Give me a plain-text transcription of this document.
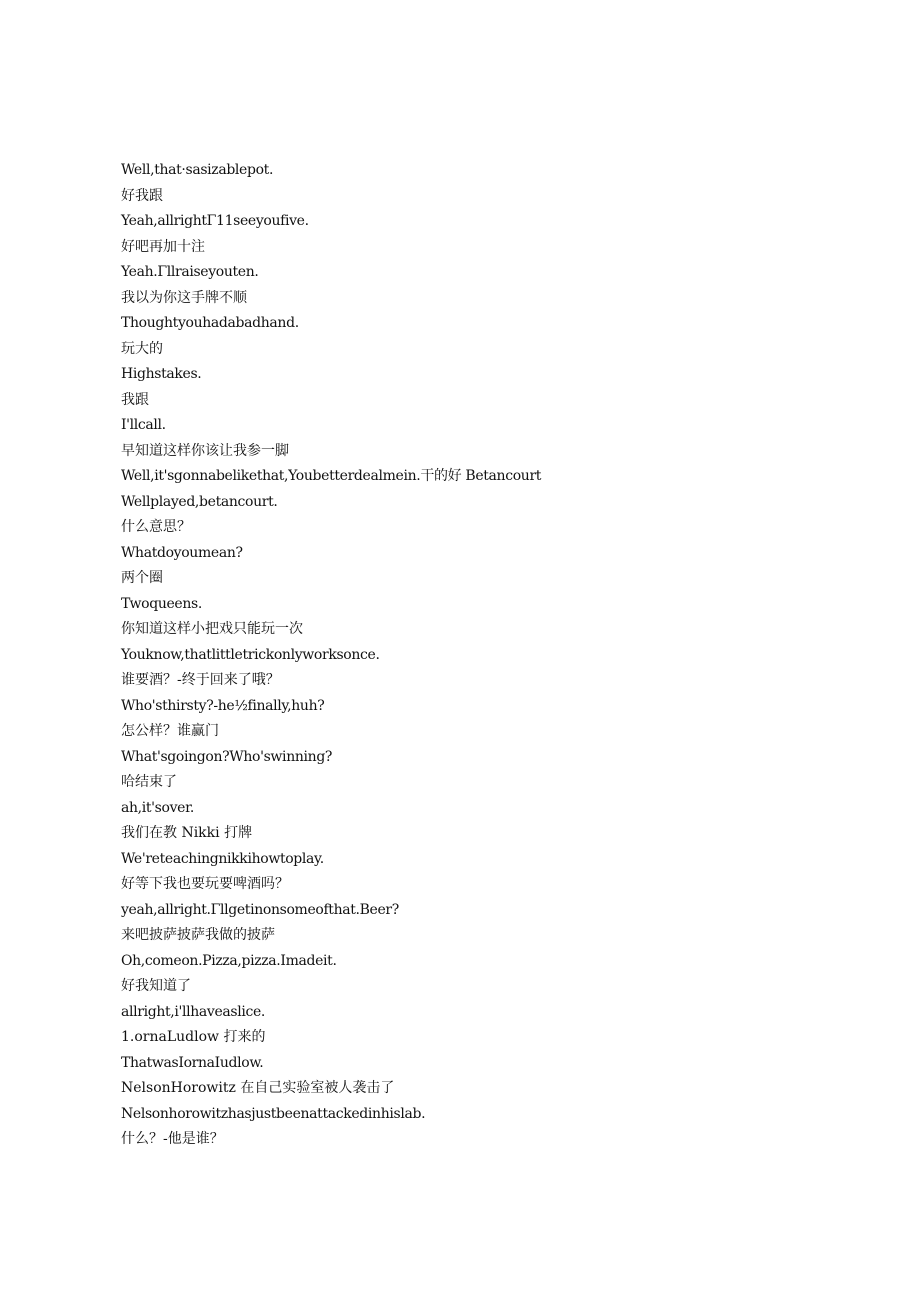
Well,that·sasizablepot.
好我跟
Yeah,allrightΓ11seeyoufive.
好吧再加十注
Yeah.Γllraiseyouten.
我以为你这手牌不顺
Thoughtyouhadabadhand.
玩大的
Highstakes.
我跟
I'llcall.
早知道这样你该让我参一脚
Well,it'sgonnabelikethat,Youbetterdealmein.干的好 Betancourt
Wellplayed,betancourt.
什么意思？
Whatdoyoumean?
两个圈
Twoqueens.
你知道这样小把戏只能玩一次
Youknow,thatlittletrickonlyworksonce.
谁要酒？-终于回来了哦？
Who'sthirsty?-he½finally,huh?
怎公样？谁赢门
What'sgoingon?Who'swinning?
哈结束了
ah,it'sover.
我们在教 Nikki 打牌
We'reteachingnikkihowtoplay.
好等下我也要玩要啤酒吗？
yeah,allright.Γllgetinonsomeofthat.Beer?
来吧披萨披萨我做的披萨
Oh,comeon.Pizza,pizza.Imadeit.
好我知道了
allright,i'llhaveaslice.
1.ornaLudlow 打来的
ThatwasIornaIudlow.
NelsonHorowitz 在自己实验室被人袭击了
Nelsonhorowitzhasjustbeenattackedinhislab.
什么？-他是谁？
